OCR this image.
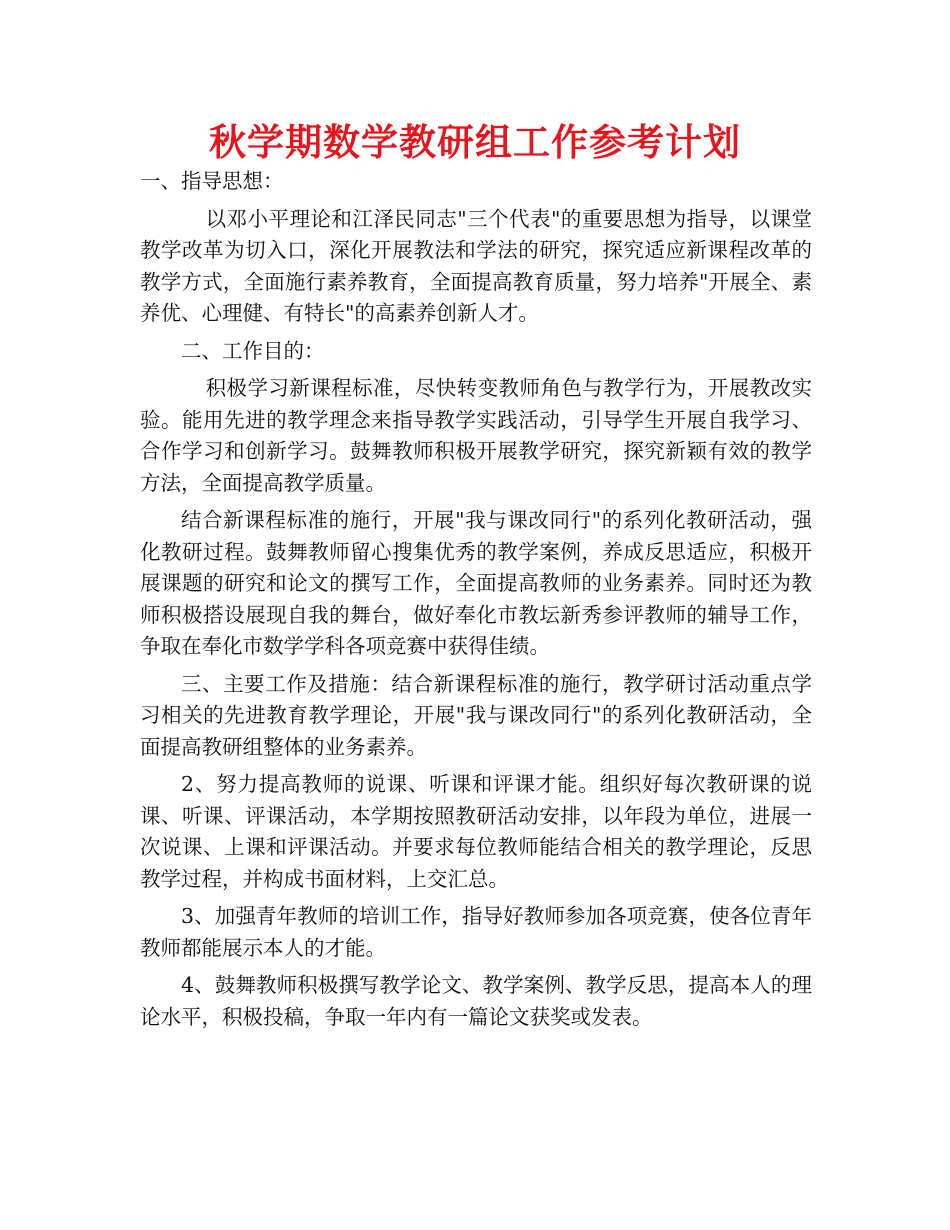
秋学期数学教研组工作参考计划

一、指导思想：

以邓小平理论和江泽民同志"三个代表"的重要思想为指导，以课堂教学改革为切入口，深化开展教法和学法的研究，探究适应新课程改革的教学方式，全面施行素养教育，全面提高教育质量，努力培养"开展全、素养优、心理健、有特长"的高素养创新人才。

二、工作目的：

积极学习新课程标准，尽快转变教师角色与教学行为，开展教改实验。能用先进的教学理念来指导教学实践活动，引导学生开展自我学习、合作学习和创新学习。鼓舞教师积极开展教学研究，探究新颖有效的教学方法，全面提高教学质量。

结合新课程标准的施行，开展"我与课改同行"的系列化教研活动，强化教研过程。鼓舞教师留心搜集优秀的教学案例，养成反思适应，积极开展课题的研究和论文的撰写工作，全面提高教师的业务素养。同时还为教师积极搭设展现自我的舞台，做好奉化市教坛新秀参评教师的辅导工作，争取在奉化市数学学科各项竞赛中获得佳绩。

三、主要工作及措施：结合新课程标准的施行，教学研讨活动重点学习相关的先进教育教学理论，开展"我与课改同行"的系列化教研活动，全面提高教研组整体的业务素养。

2、努力提高教师的说课、听课和评课才能。组织好每次教研课的说课、听课、评课活动，本学期按照教研活动安排，以年段为单位，进展一次说课、上课和评课活动。并要求每位教师能结合相关的教学理论，反思教学过程，并构成书面材料，上交汇总。

3、加强青年教师的培训工作，指导好教师参加各项竞赛，使各位青年教师都能展示本人的才能。

4、鼓舞教师积极撰写教学论文、教学案例、教学反思，提高本人的理论水平，积极投稿，争取一年内有一篇论文获奖或发表。
